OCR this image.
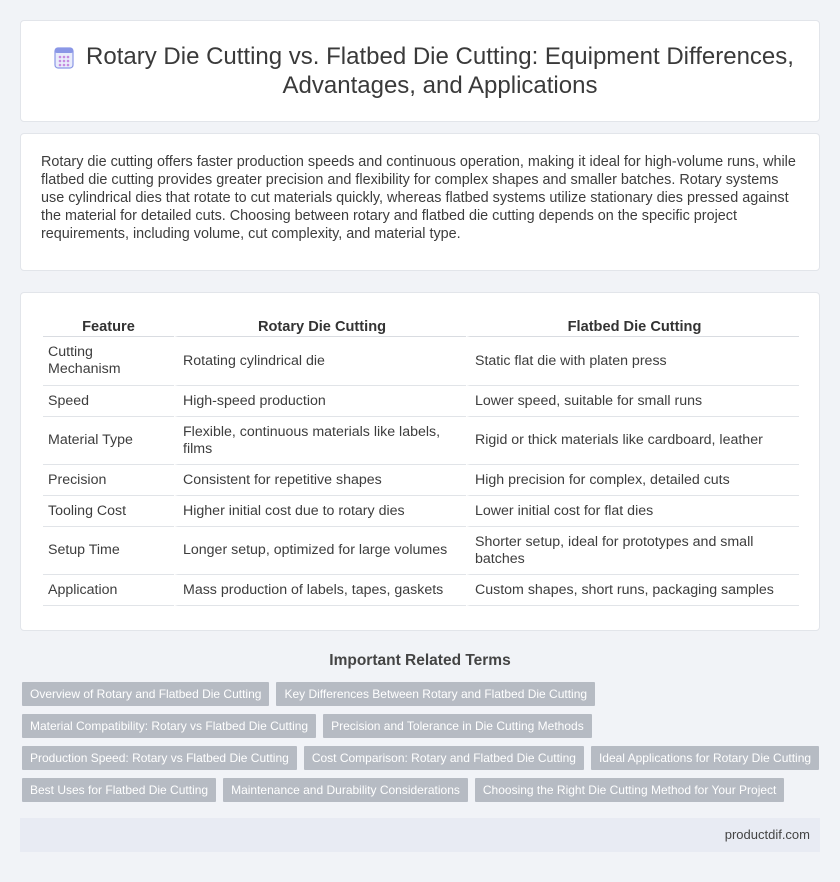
Rotary Die Cutting vs. Flatbed Die Cutting: Equipment Differences, Advantages, and Applications

Rotary die cutting offers faster production speeds and continuous operation, making it ideal for high-volume runs, while flatbed die cutting provides greater precision and flexibility for complex shapes and smaller batches. Rotary systems use cylindrical dies that rotate to cut materials quickly, whereas flatbed systems utilize stationary dies pressed against the material for detailed cuts. Choosing between rotary and flatbed die cutting depends on the specific project requirements, including volume, cut complexity, and material type.

Feature	Rotary Die Cutting	Flatbed Die Cutting
Cutting Mechanism	Rotating cylindrical die	Static flat die with platen press
Speed	High-speed production	Lower speed, suitable for small runs
Material Type	Flexible, continuous materials like labels, films	Rigid or thick materials like cardboard, leather
Precision	Consistent for repetitive shapes	High precision for complex, detailed cuts
Tooling Cost	Higher initial cost due to rotary dies	Lower initial cost for flat dies
Setup Time	Longer setup, optimized for large volumes	Shorter setup, ideal for prototypes and small batches
Application	Mass production of labels, tapes, gaskets	Custom shapes, short runs, packaging samples
Important Related Terms
Overview of Rotary and Flatbed Die Cutting	Key Differences Between Rotary and Flatbed Die Cutting
Material Compatibility: Rotary vs Flatbed Die Cutting	Precision and Tolerance in Die Cutting Methods
Production Speed: Rotary vs Flatbed Die Cutting	Cost Comparison: Rotary and Flatbed Die Cutting	Ideal Applications for Rotary Die Cutting
Best Uses for Flatbed Die Cutting	Maintenance and Durability Considerations	Choosing the Right Die Cutting Method for Your Project
productdif.com
